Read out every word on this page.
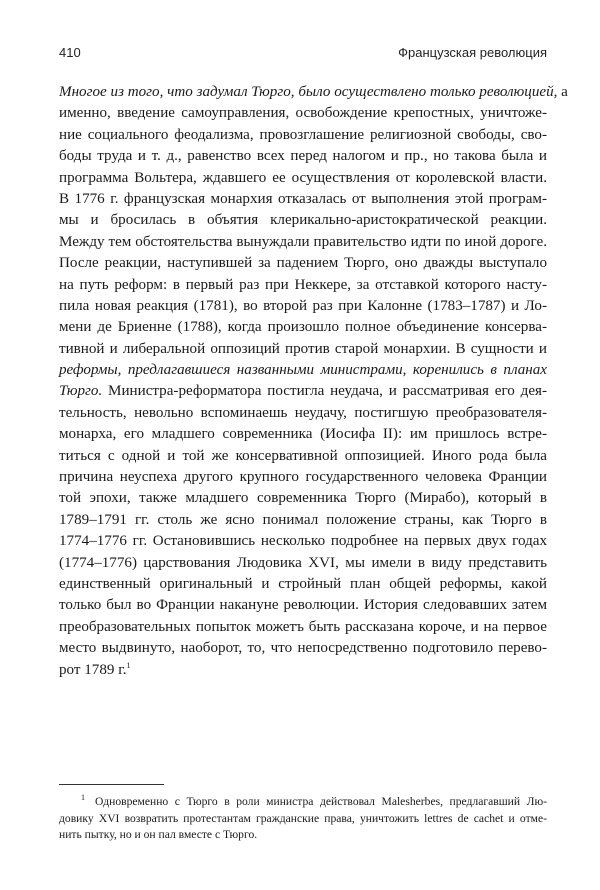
410	Французская революция
Многое из того, что задумал Тюрго, было осуществлено только революцией, а
именно, введение самоуправления, освобождение крепостных, уничтоже-
ние социального феодализма, провозглашение религиозной свободы, сво-
боды труда и т. д., равенство всех перед налогом и пр., но такова была и
программа Вольтера, ждавшего ее осуществления от королевской власти.
В 1776 г. французская монархия отказалась от выполнения этой програм-
мы и бросилась в объятия клерикально-аристократической реакции.
Между тем обстоятельства вынуждали правительство идти по иной дороге.
После реакции, наступившей за падением Тюрго, оно дважды выступало
на путь реформ: в первый раз при Неккере, за отставкой которого насту-
пила новая реакция (1781), во второй раз при Калонне (1783–1787) и Ло-
мени де Бриенне (1788), когда произошло полное объединение консерва-
тивной и либеральной оппозиций против старой монархии. В сущности и
реформы, предлагавшиеся названными министрами, коренились в планах
Тюрго. Министра-реформатора постигла неудача, и рассматривая его дея-
тельность, невольно вспоминаешь неудачу, постигшую преобразователя-
монарха, его младшего современника (Иосифа II): им пришлось встре-
титься с одной и той же консервативной оппозицией. Иного рода была
причина неуспеха другого крупного государственного человека Франции
той эпохи, также младшего современника Тюрго (Мирабо), который в
1789–1791 гг. столь же ясно понимал положение страны, как Тюрго в
1774–1776 гг. Остановившись несколько подробнее на первых двух годах
(1774–1776) царствования Людовика XVI, мы имели в виду представить
единственный оригинальный и стройный план общей реформы, какой
только был во Франции накануне революции. История следовавших затем
преобразовательных попыток можетъ быть рассказана короче, и на первое
место выдвинуто, наоборот, то, что непосредственно подготовило перево-
рот 1789 г.$^1$
$^1$ Одновременно с Тюрго в роли министра действовал Malesherbes, предлагавший Лю-
довику XVI возвратить протестантам гражданские права, уничтожить lettres de cachet и отме-
нить пытку, но и он пал вместе с Тюрго.
